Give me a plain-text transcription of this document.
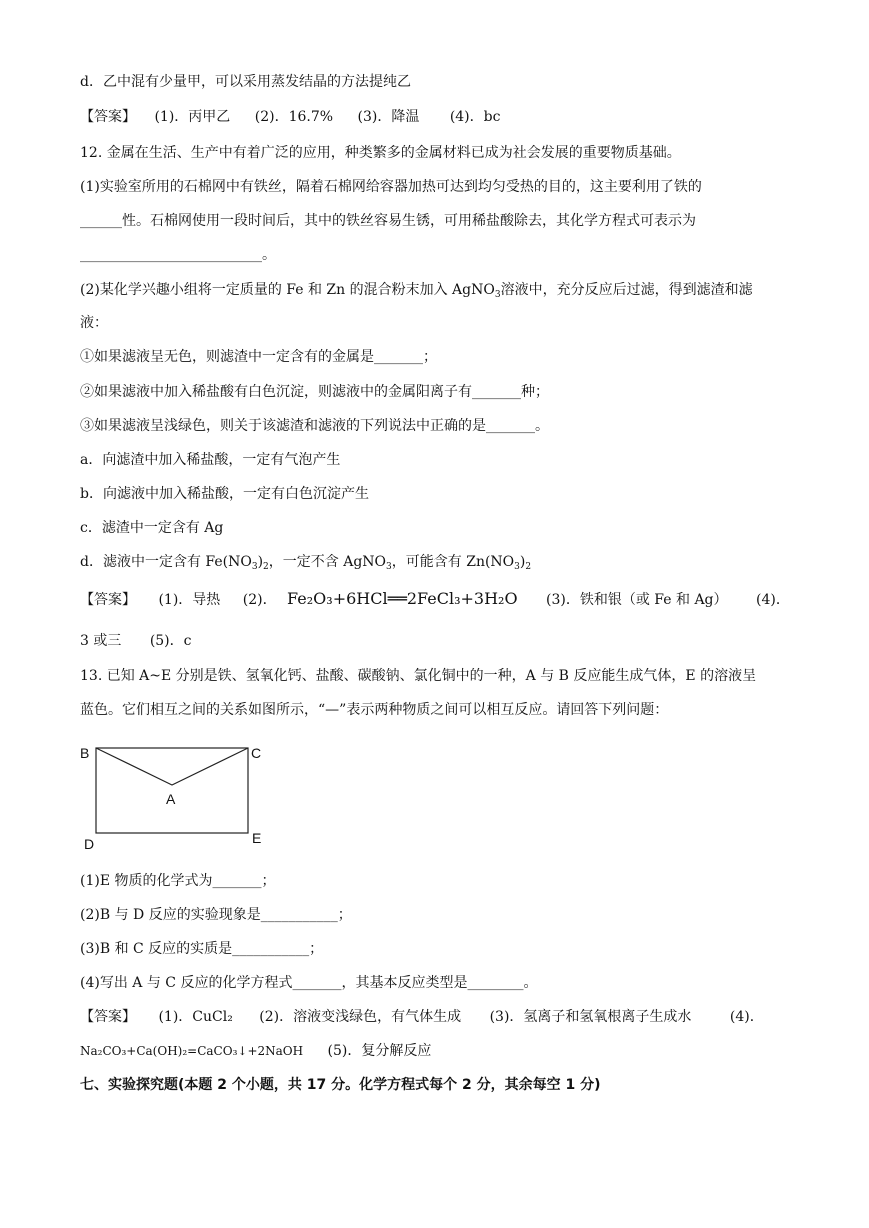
d．乙中混有少量甲，可以采用蒸发结晶的方法提纯乙
【答案】 (1)．丙甲乙 (2)．16.7% (3)．降温 (4)．bc
12. 金属在生活、生产中有着广泛的应用，种类繁多的金属材料已成为社会发展的重要物质基础。
(1)实验室所用的石棉网中有铁丝，隔着石棉网给容器加热可达到均匀受热的目的，这主要利用了铁的
______性。石棉网使用一段时间后，其中的铁丝容易生锈，可用稀盐酸除去，其化学方程式可表示为
__________________________。
(2)某化学兴趣小组将一定质量的 Fe 和 Zn 的混合粉末加入 AgNO$_3$溶液中，充分反应后过滤，得到滤渣和滤
液：
①如果滤液呈无色，则滤渣中一定含有的金属是_______；
②如果滤液中加入稀盐酸有白色沉淀，则滤液中的金属阳离子有_______种；
③如果滤液呈浅绿色，则关于该滤渣和滤液的下列说法中正确的是_______。
a．向滤渣中加入稀盐酸，一定有气泡产生
b．向滤液中加入稀盐酸，一定有白色沉淀产生
c．滤渣中一定含有 Ag
d．滤液中一定含有 $Fe(NO_3)_2$，一定不含 AgNO$_3$，可能含有 $Zn(NO_3)_2$
【答案】 (1)．导热 (2)． Fe₂O₃+6HCl══2FeCl₃+3H₂O (3)．铁和银（或 Fe 和 Ag） (4)．
3 或三 (5)．c
13. 已知 A~E 分别是铁、氢氧化钙、盐酸、碳酸钠、氯化铜中的一种，A 与 B 反应能生成气体，E 的溶液呈
蓝色。它们相互之间的关系如图所示，“—”表示两种物质之间可以相互反应。请回答下列问题：
B	C
A
D	E
(1)E 物质的化学式为_______；
(2)B 与 D 反应的实验现象是___________；
(3)B 和 C 反应的实质是___________；
(4)写出 A 与 C 反应的化学方程式_______，其基本反应类型是________。
【答案】 (1)．CuCl₂ (2)．溶液变浅绿色，有气体生成 (3)．氢离子和氢氧根离子生成水	(4)．
Na₂CO₃+Ca(OH)₂=CaCO₃↓+2NaOH (5)．复分解反应
七、实验探究题(本题 2 个小题，共 17 分。化学方程式每个 2 分，其余每空 1 分)
